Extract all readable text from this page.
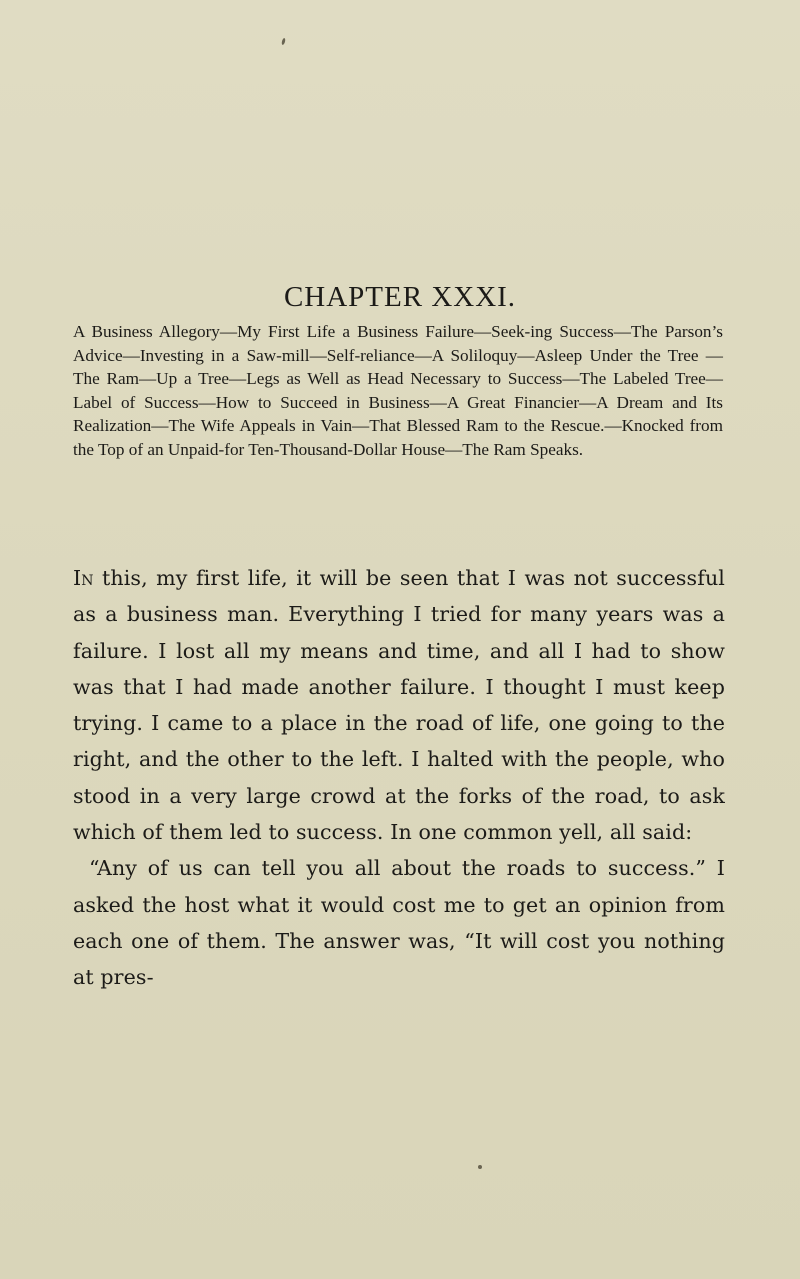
CHAPTER XXXI.

A Business Allegory—My First Life a Business Failure—Seek-ing Success—The Parson’s Advice—Investing in a Saw-mill—Self-reliance—A Soliloquy—Asleep Under the Tree —The Ram—Up a Tree—Legs as Well as Head Necessary to Success—The Labeled Tree—Label of Success—How to Succeed in Business—A Great Financier—A Dream and Its Realization—The Wife Appeals in Vain—That Blessed Ram to the Rescue.—Knocked from the Top of an Unpaid-for Ten-Thousand-Dollar House—The Ram Speaks.

In this, my first life, it will be seen that I was not successful as a business man. Everything I tried for many years was a failure. I lost all my means and time, and all I had to show was that I had made another failure. I thought I must keep trying. I came to a place in the road of life, one going to the right, and the other to the left. I halted with the people, who stood in a very large crowd at the forks of the road, to ask which of them led to success. In one common yell, all said:

“Any of us can tell you all about the roads to success.” I asked the host what it would cost me to get an opinion from each one of them. The answer was, “It will cost you nothing at pres-
